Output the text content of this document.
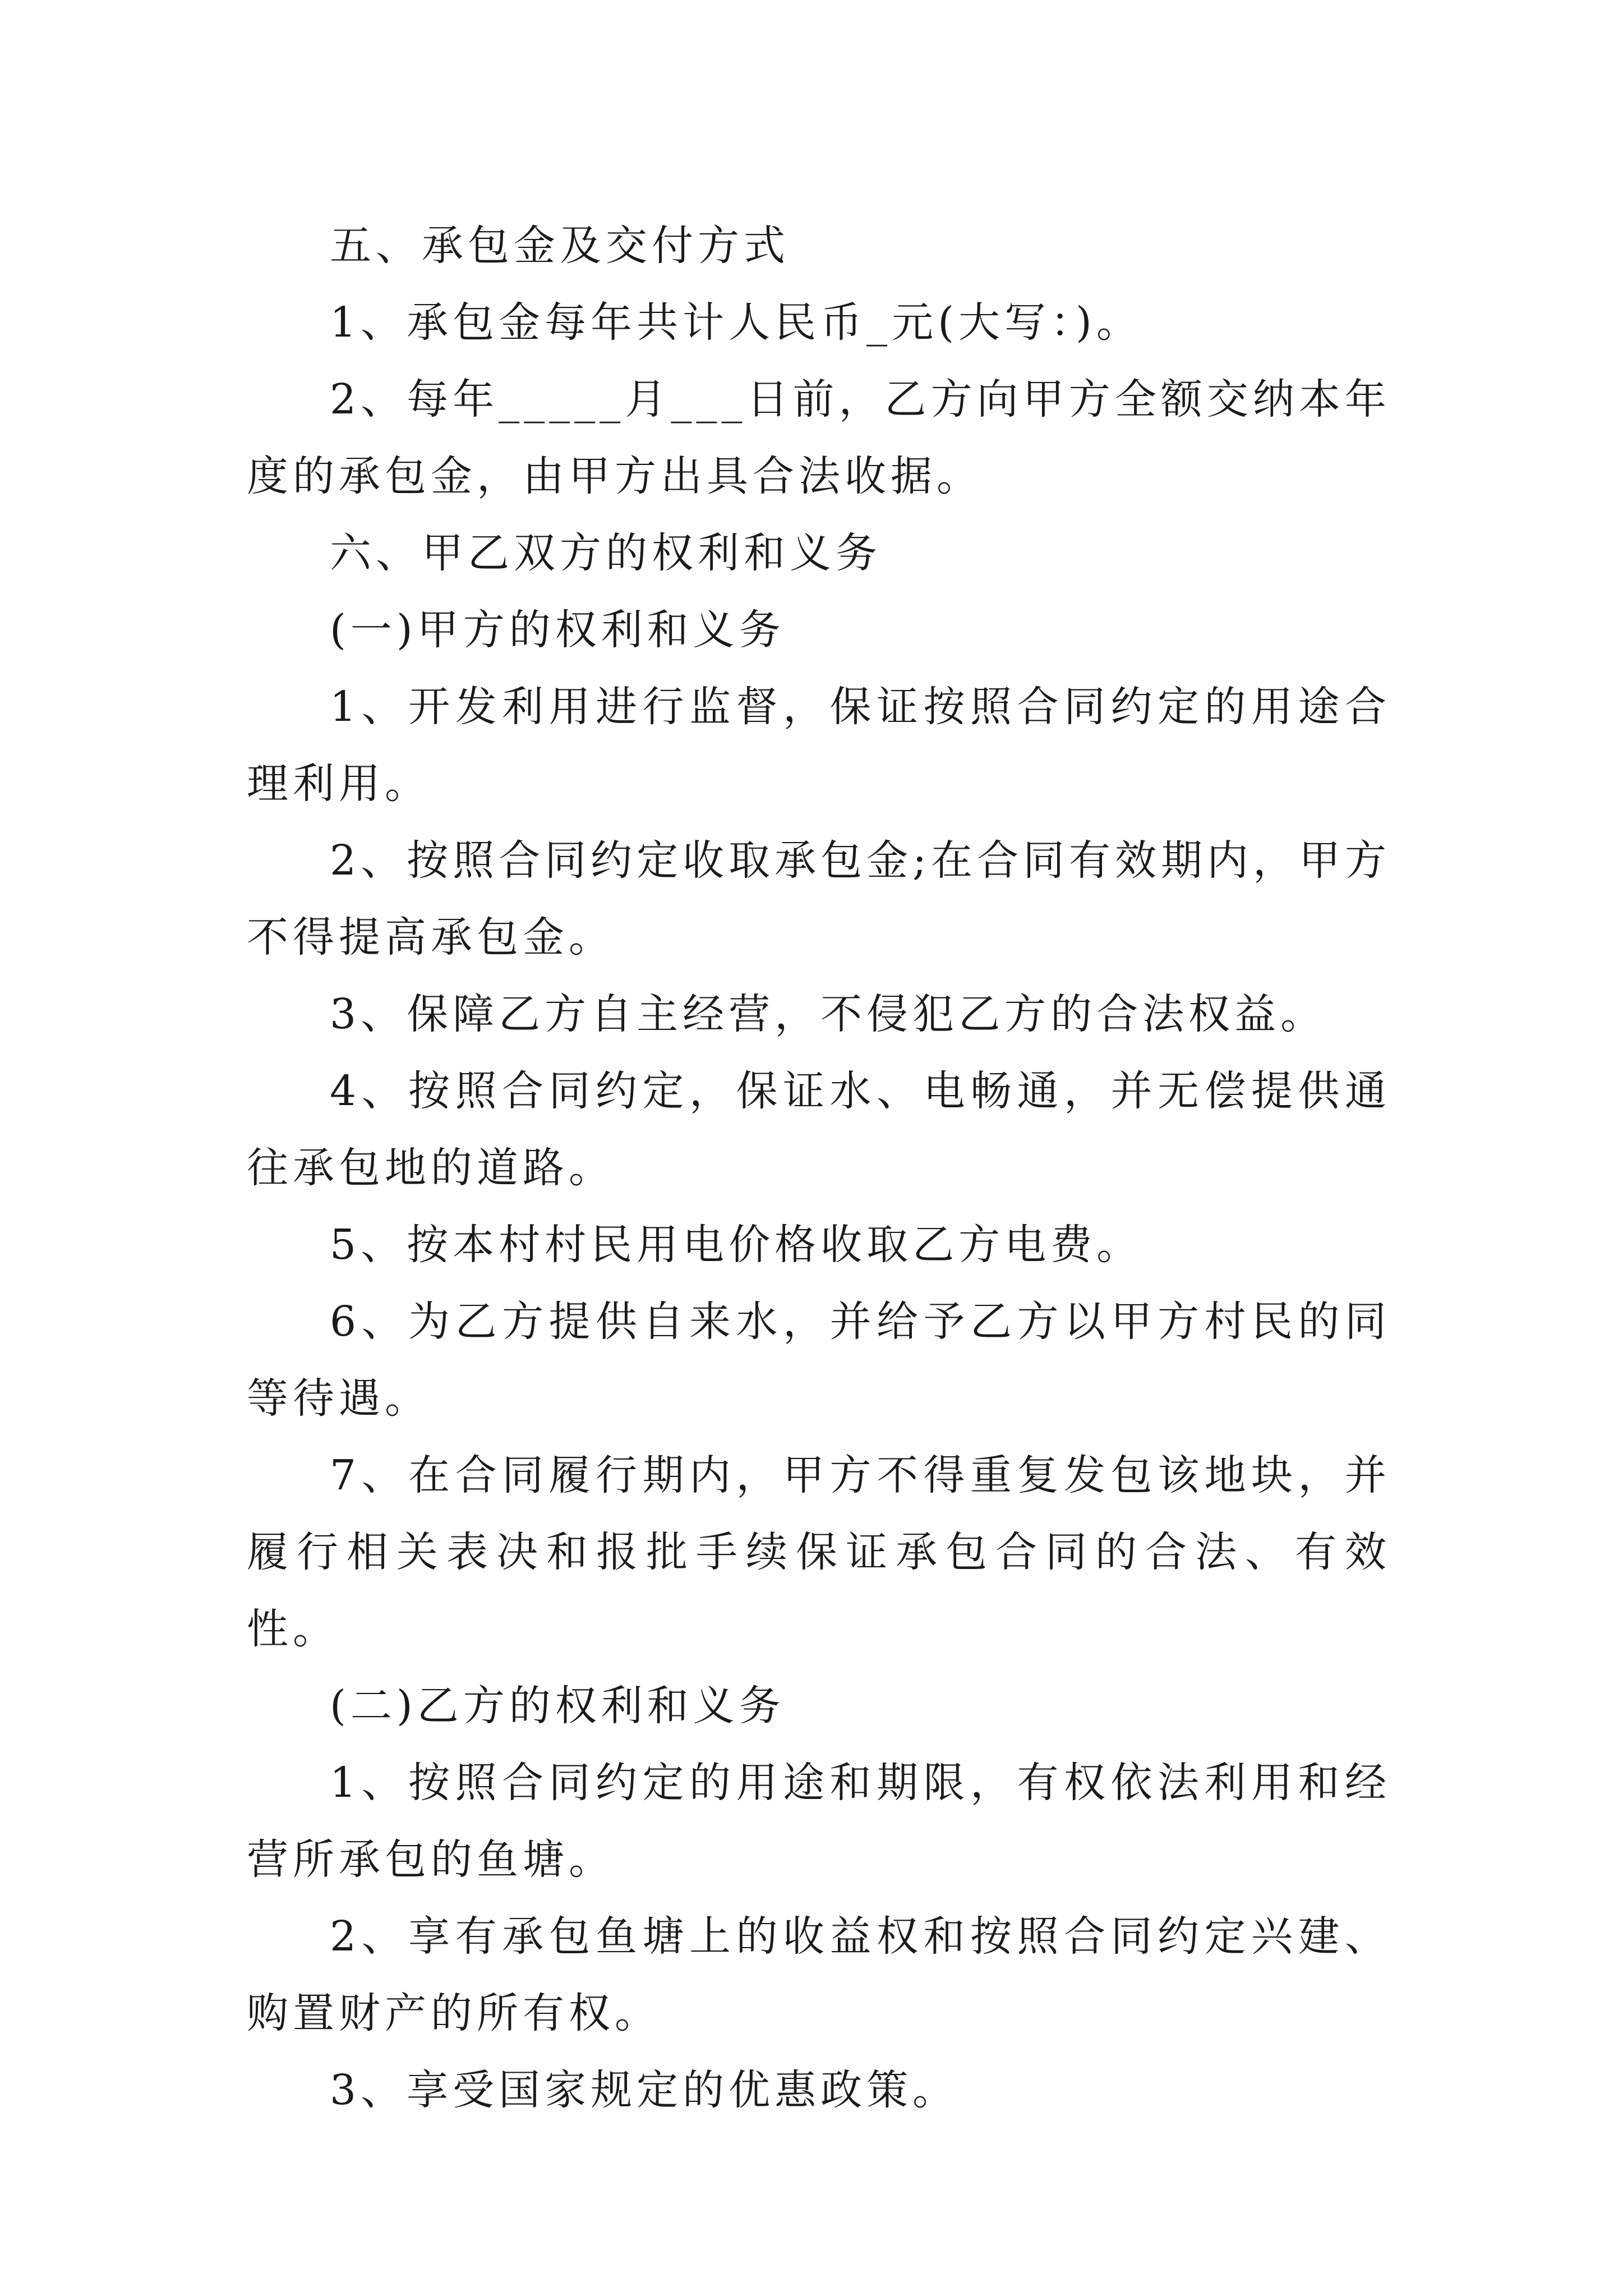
五、承包金及交付方式

1、承包金每年共计人民币_元(大写：)。

2、每年_____月___日前，乙方向甲方全额交纳本年度的承包金，由甲方出具合法收据。

六、甲乙双方的权利和义务

(一)甲方的权利和义务

1、开发利用进行监督，保证按照合同约定的用途合理利用。

2、按照合同约定收取承包金;在合同有效期内，甲方不得提高承包金。

3、保障乙方自主经营，不侵犯乙方的合法权益。

4、按照合同约定，保证水、电畅通，并无偿提供通往承包地的道路。

5、按本村村民用电价格收取乙方电费。

6、为乙方提供自来水，并给予乙方以甲方村民的同等待遇。

7、在合同履行期内，甲方不得重复发包该地块，并履行相关表决和报批手续保证承包合同的合法、有效性。

(二)乙方的权利和义务

1、按照合同约定的用途和期限，有权依法利用和经营所承包的鱼塘。

2、享有承包鱼塘上的收益权和按照合同约定兴建、购置财产的所有权。

3、享受国家规定的优惠政策。
